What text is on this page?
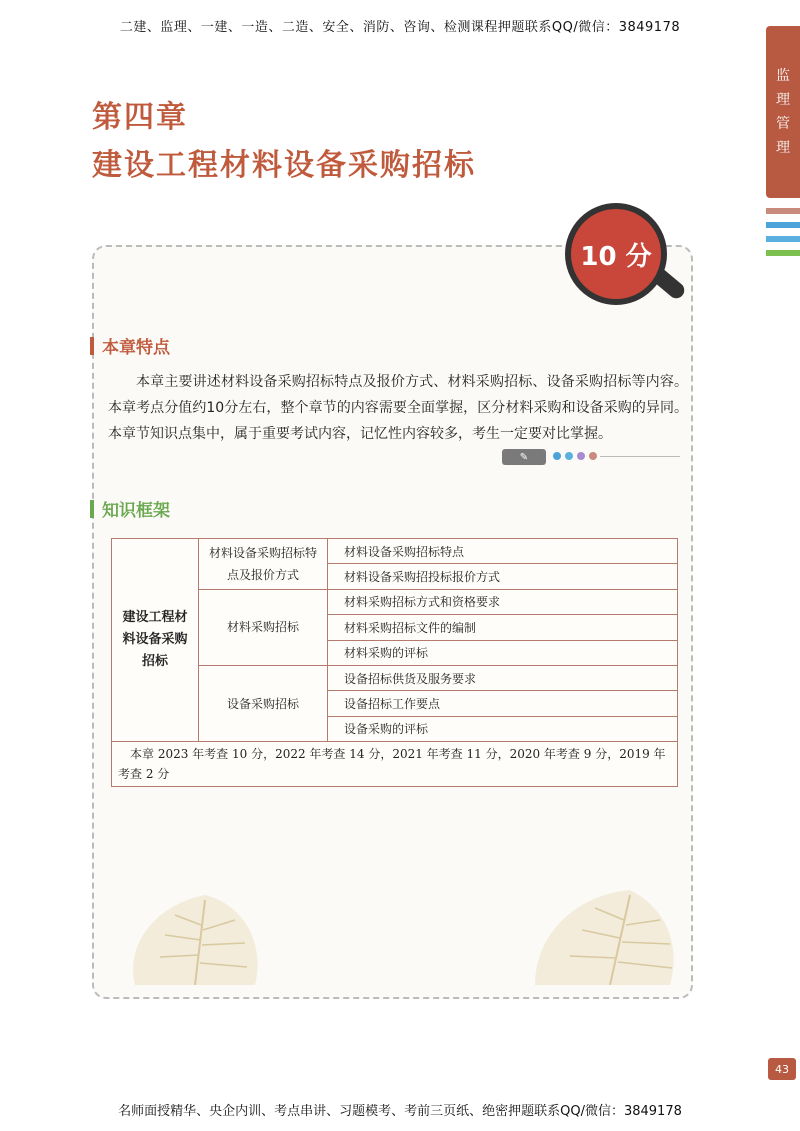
二建、监理、一建、一造、二造、安全、消防、咨询、检测课程押题联系QQ/微信：3849178
监
理
管
理
第四章
建设工程材料设备采购招标
10 分
本章特点
本章主要讲述材料设备采购招标特点及报价方式、材料采购招标、设备采购招标等内容。本章考点分值约10分左右，整个章节的内容需要全面掌握，区分材料采购和设备采购的异同。本章节知识点集中，属于重要考试内容，记忆性内容较多，考生一定要对比掌握。
✎
知识框架
建设工程材料设备采购招标	材料设备采购招标特点及报价方式	材料设备采购招标特点
		材料设备采购招投标报价方式
	材料采购招标	材料采购招标方式和资格要求
		材料采购招标文件的编制
		材料采购的评标
	设备采购招标	设备招标供货及服务要求
		设备招标工作要点
		设备采购的评标
本章 2023 年考查 10 分，2022 年考查 14 分，2021 年考查 11 分，2020 年考查 9 分，2019 年考查 2 分		
43
名师面授精华、央企内训、考点串讲、习题模考、考前三页纸、绝密押题联系QQ/微信：3849178
